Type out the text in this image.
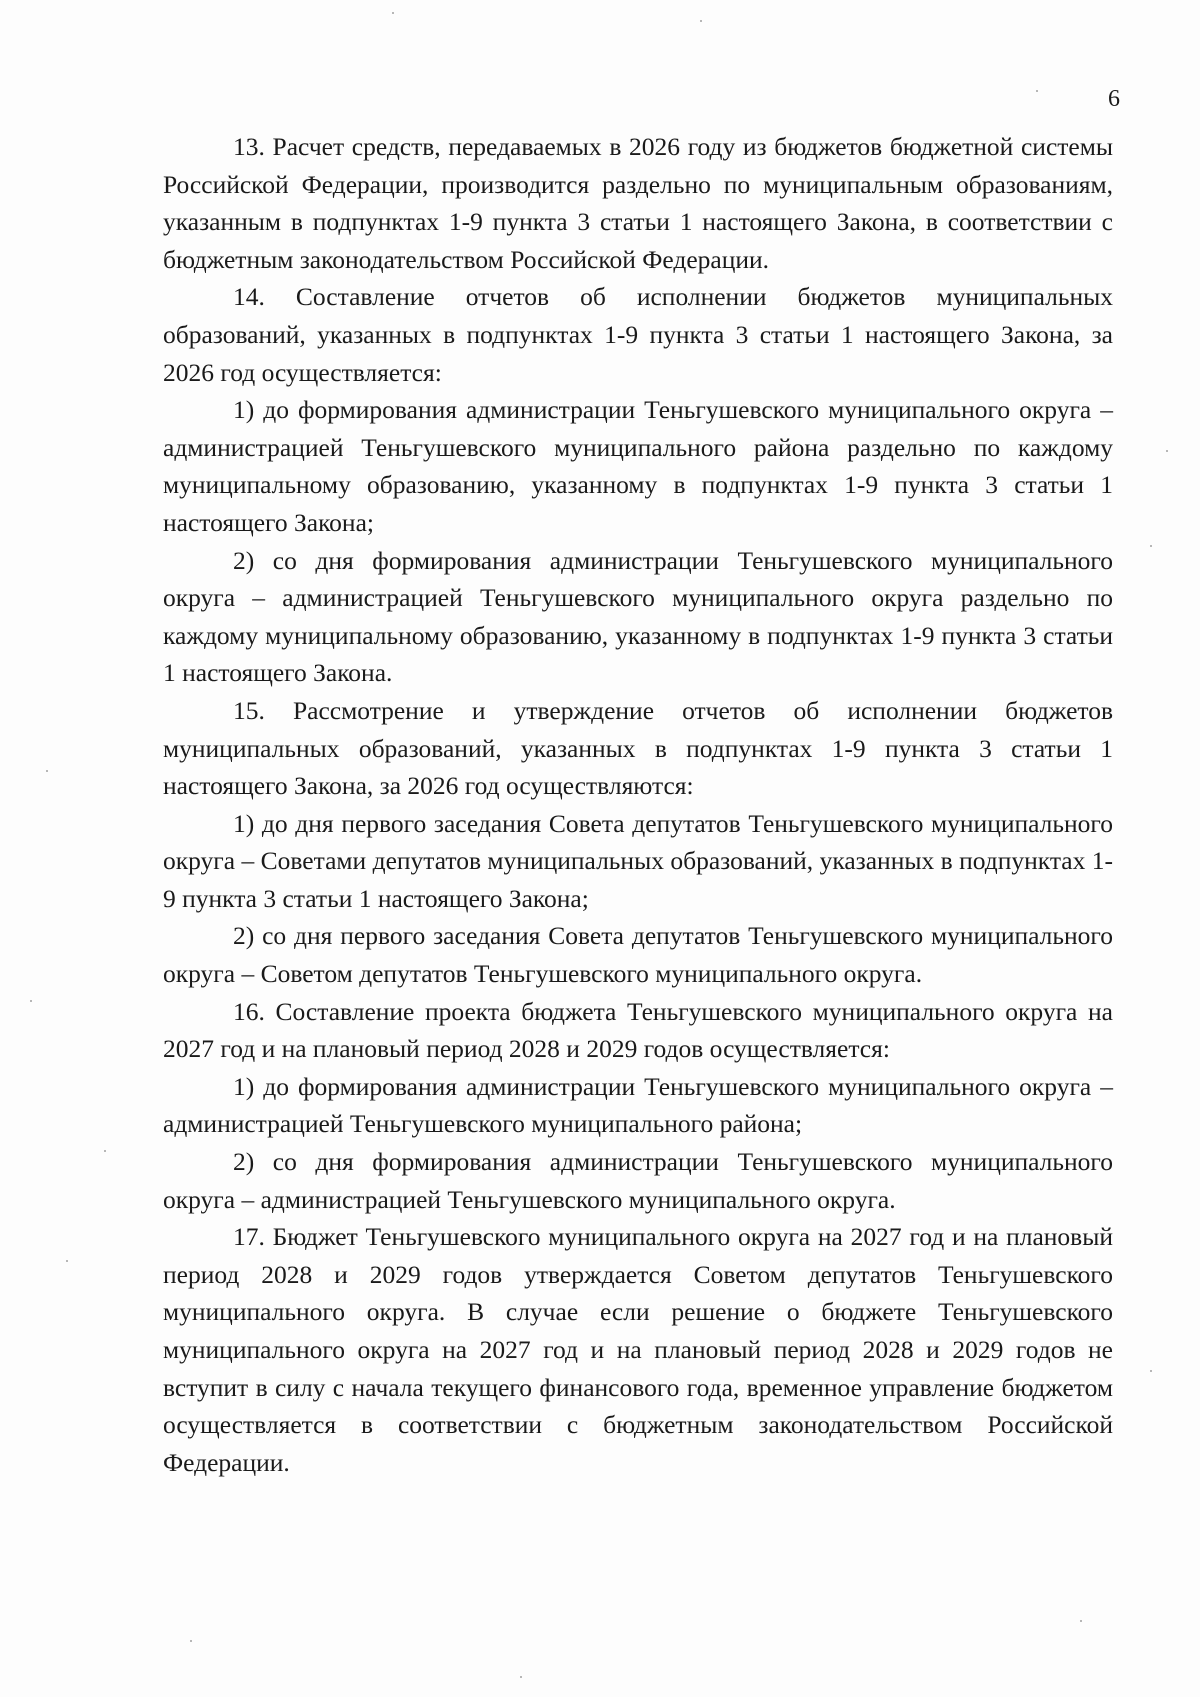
6

13. Расчет средств, передаваемых в 2026 году из бюджетов бюджетной системы Российской Федерации, производится раздельно по муниципальным образованиям, указанным в подпунктах 1-9 пункта 3 статьи 1 настоящего Закона, в соответствии с бюджетным законодательством Российской Федерации.

14. Составление отчетов об исполнении бюджетов муниципальных образований, указанных в подпунктах 1-9 пункта 3 статьи 1 настоящего Закона, за 2026 год осуществляется:

1) до формирования администрации Теньгушевского муниципального округа – администрацией Теньгушевского муниципального района раздельно по каждому муниципальному образованию, указанному в подпунктах 1-9 пункта 3 статьи 1 настоящего Закона;

2) со дня формирования администрации Теньгушевского муниципального округа – администрацией Теньгушевского муниципального округа раздельно по каждому муниципальному образованию, указанному в подпунктах 1-9 пункта 3 статьи 1 настоящего Закона.

15. Рассмотрение и утверждение отчетов об исполнении бюджетов муниципальных образований, указанных в подпунктах 1-9 пункта 3 статьи 1 настоящего Закона, за 2026 год осуществляются:

1) до дня первого заседания Совета депутатов Теньгушевского муниципального округа – Советами депутатов муниципальных образований, указанных в подпунктах 1-9 пункта 3 статьи 1 настоящего Закона;

2) со дня первого заседания Совета депутатов Теньгушевского муниципального округа – Советом депутатов Теньгушевского муниципального округа.

16. Составление проекта бюджета Теньгушевского муниципального округа на 2027 год и на плановый период 2028 и 2029 годов осуществляется:

1) до формирования администрации Теньгушевского муниципального округа – администрацией Теньгушевского муниципального района;

2) со дня формирования администрации Теньгушевского муниципального округа – администрацией Теньгушевского муниципального округа.

17. Бюджет Теньгушевского муниципального округа на 2027 год и на плановый период 2028 и 2029 годов утверждается Советом депутатов Теньгушевского муниципального округа. В случае если решение о бюджете Теньгушевского муниципального округа на 2027 год и на плановый период 2028 и 2029 годов не вступит в силу с начала текущего финансового года, временное управление бюджетом осуществляется в соответствии с бюджетным законодательством Российской Федерации.
